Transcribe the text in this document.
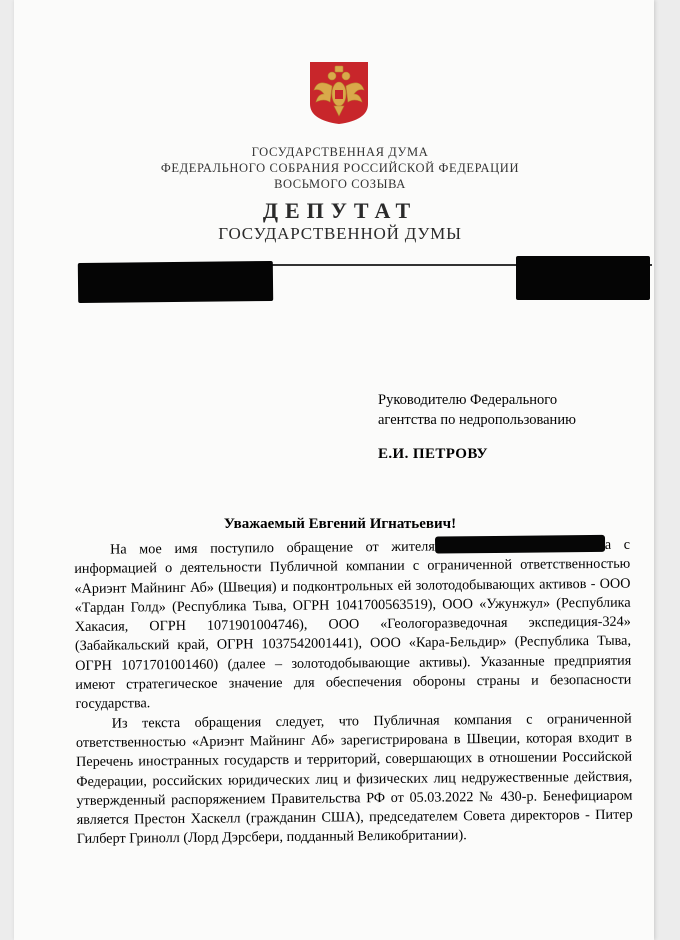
ГОСУДАРСТВЕННАЯ ДУМА
ФЕДЕРАЛЬНОГО СОБРАНИЯ РОССИЙСКОЙ ФЕДЕРАЦИИ
ВОСЬМОГО СОЗЫВА
ДЕПУТАТ
ГОСУДАРСТВЕННОЙ ДУМЫ
Руководителю Федерального
агентства по недропользованию
Е.И. ПЕТРОВУ
Уважаемый Евгений Игнатьевич!

На мое имя поступило обращение от жителя	а с информацией о деятельности Публичной компании с ограниченной ответственностью «Ариэнт Майнинг Аб» (Швеция) и подконтрольных ей золотодобывающих активов - ООО «Тардан Голд» (Республика Тыва, ОГРН 1041700563519), ООО «Ужунжул» (Республика Хакасия, ОГРН 1071901004746), ООО «Геологоразведочная экспедиция-324» (Забайкальский край, ОГРН 1037542001441), ООО «Кара-Бельдир» (Республика Тыва, ОГРН 1071701001460) (далее – золотодобывающие активы). Указанные предприятия имеют стратегическое значение для обеспечения обороны страны и безопасности государства.

Из текста обращения следует, что Публичная компания с ограниченной ответственностью «Ариэнт Майнинг Аб» зарегистрирована в Швеции, которая входит в Перечень иностранных государств и территорий, совершающих в отношении Российской Федерации, российских юридических лиц и физических лиц недружественные действия, утвержденный распоряжением Правительства РФ от 05.03.2022 № 430-р. Бенефициаром является Престон Хаскелл (гражданин США), председателем Совета директоров - Питер Гилберт Гринолл (Лорд Дэрсбери, подданный Великобритании).
